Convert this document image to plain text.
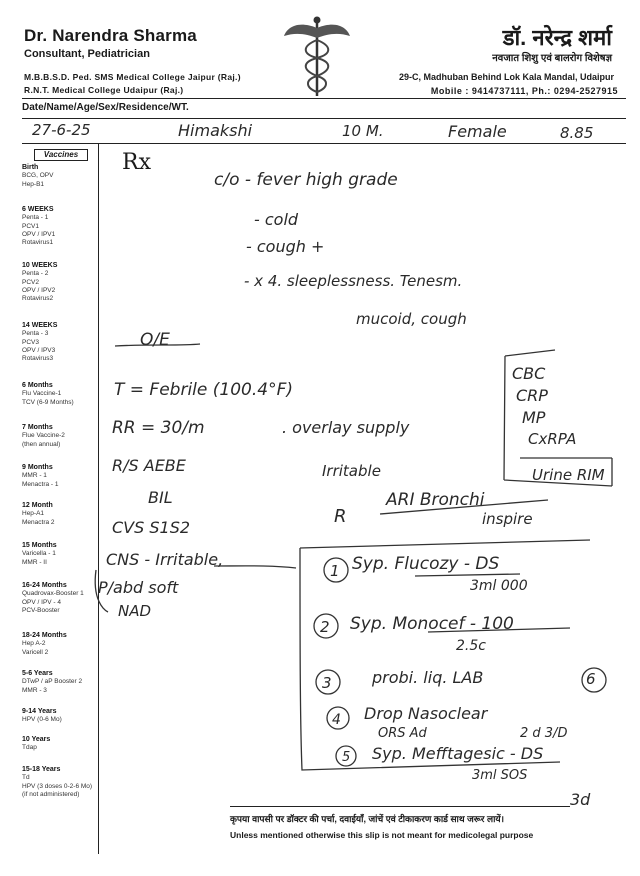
Dr. Narendra Sharma
Consultant, Pediatrician
M.B.B.S.D. Ped. SMS Medical College Jaipur (Raj.)
R.N.T. Medical College Udaipur (Raj.)
डॉ. नरेन्द्र शर्मा
नवजात शिशु एवं बालरोग विशेषज्ञ
29-C, Madhuban Behind Lok Kala Mandal, Udaipur
Mobile : 9414737111, Ph.: 0294-2527915
Date/Name/Age/Sex/Residence/WT.
Vaccines
Birth
BCG, OPV
Hep-B1
6 WEEKS
Penta - 1
PCV1
OPV / IPV1
Rotavirus1
10 WEEKS
Penta - 2
PCV2
OPV / IPV2
Rotavirus2
14 WEEKS
Penta - 3
PCV3
OPV / IPV3
Rotavirus3
6 Months
Flu Vaccine-1
TCV (6-9 Months)
7 Months
Flue Vaccine-2
(then annual)
9 Months
MMR - 1
Menactra - 1
12 Month
Hep-A1
Menactra 2
15 Months
Varicella - 1
MMR - II
16-24 Months
Quadrovax-Booster 1
OPV / IPV - 4
PCV-Booster
18-24 Months
Hep A-2
Varicell 2
5-6 Years
DTwP / aP Booster 2
MMR - 3
9-14 Years
HPV (0-6 Mo)
10 Years
Tdap
15-18 Years
Td
HPV (3 doses 0-2-6 Mo)
(if not administered)
Rx
27-6-25	Himakshi	10 M.	Female	8.85
c/o - fever high grade
- cold
- cough +
- x 4. sleeplessness. Tenesm.
mucoid, cough
O/E
T = Febrile (100.4°F)
RR = 30/m	. overlay supply
R/S AEBE
BIL
CVS S1S2
CNS - Irritable,
P/abd soft
NAD
CBC
CRP
MP
CxRPA
Urine RIM
Irritable
ARI Bronchi
inspire
R
1 Syp. Flucozy - DS
3ml 000
2 Syp. Monocef - 100
2.5c
3	probi. liq. LAB	6
4 Drop Nasoclear
ORS Ad	2 d 3/D
5 Syp. Mefftagesic - DS
3ml SOS
3d
कृपया वापसी पर डॉक्टर की पर्चा, दवाईयाँ, जांचें एवं टीकाकरण कार्ड साथ जरूर लायें।
Unless mentioned otherwise this slip is not meant for medicolegal purpose
